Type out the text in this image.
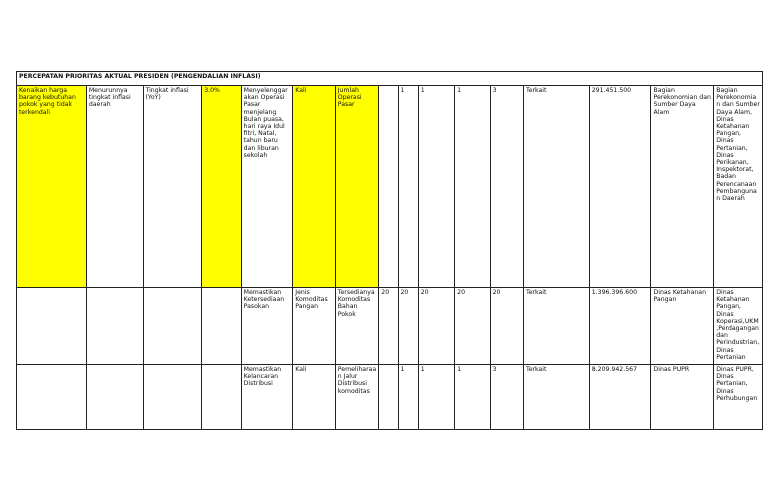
PERCEPATAN PRIORITAS AKTUAL PRESIDEN (PENGENDALIAN INFLASI)															
Kenaikan harga barang kebutuhan pokok yang tidak terkendali	Menurunnya tingkat inflasi daerah	Tingkat inflasi (YoY)	3.0%	Menyelenggarakan Operasi Pasar menjelang Bulan puasa, hari raya Idul fitri, Natal, tahun baru dan liburan sekolah	Kali	Jumlah Operasi Pasar		1	1	1	3	Terkait	291.451.500	Bagian Perekonomian dan Sumber Daya Alam	Bagian Perekonomian dan Sumber Daya Alam, Dinas Ketahanan Pangan, Dinas Pertanian, Dinas Perikanan, Inspektorat, Badan Perencanaan Pembangunan Daerah
				Memastikan Ketersediaan Pasokan	Jenis Komoditas Pangan	Tersedianya Komoditas Bahan Pokok	20	20	20	20	20	Terkait	1.396.396.600	Dinas Ketahanan Pangan	Dinas Ketahanan Pangan, Dinas Koperasi,UKM,Perdagangan dan Perindustrian, Dinas Pertanian
				Memastikan Kelancaran Distribusi	Kali	Pemeliharaan Jalur Distribusi komoditas		1	1	1	3	Terkait	8.209.942.567	Dinas PUPR	Dinas PUPR, Dinas Pertanian, Dinas Perhubungan
